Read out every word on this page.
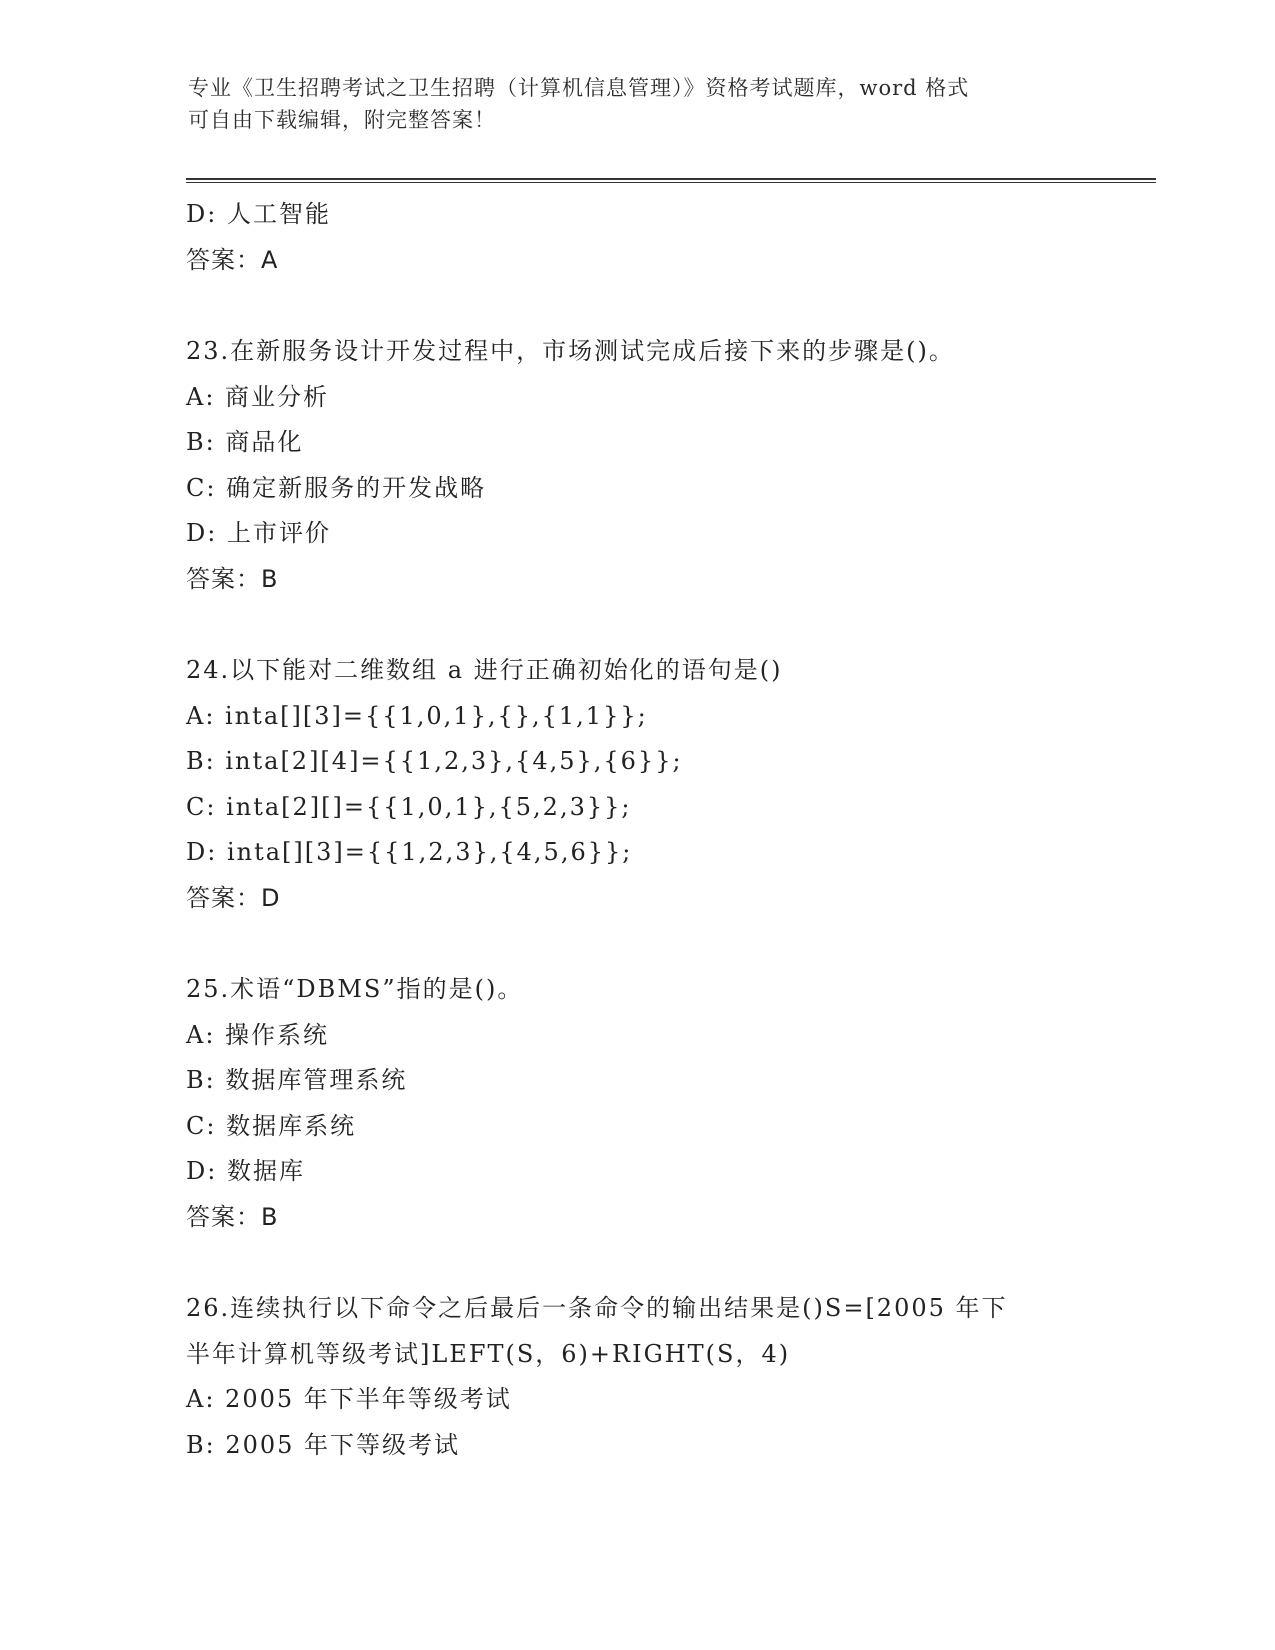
专业《卫生招聘考试之卫生招聘（计算机信息管理）》资格考试题库，word 格式
可自由下载编辑，附完整答案！
D: 人工智能
答案：A
23.在新服务设计开发过程中，市场测试完成后接下来的步骤是()。
A: 商业分析
B: 商品化
C: 确定新服务的开发战略
D: 上市评价
答案：B
24.以下能对二维数组 a 进行正确初始化的语句是()
A: inta[][3]={{1,0,1},{},{1,1}};
B: inta[2][4]={{1,2,3},{4,5},{6}};
C: inta[2][]={{1,0,1},{5,2,3}};
D: inta[][3]={{1,2,3},{4,5,6}};
答案：D
25.术语“DBMS”指的是()。
A: 操作系统
B: 数据库管理系统
C: 数据库系统
D: 数据库
答案：B
26.连续执行以下命令之后最后一条命令的输出结果是()S=[2005 年下
半年计算机等级考试]LEFT(S，6)+RIGHT(S，4)
A: 2005 年下半年等级考试
B: 2005 年下等级考试
